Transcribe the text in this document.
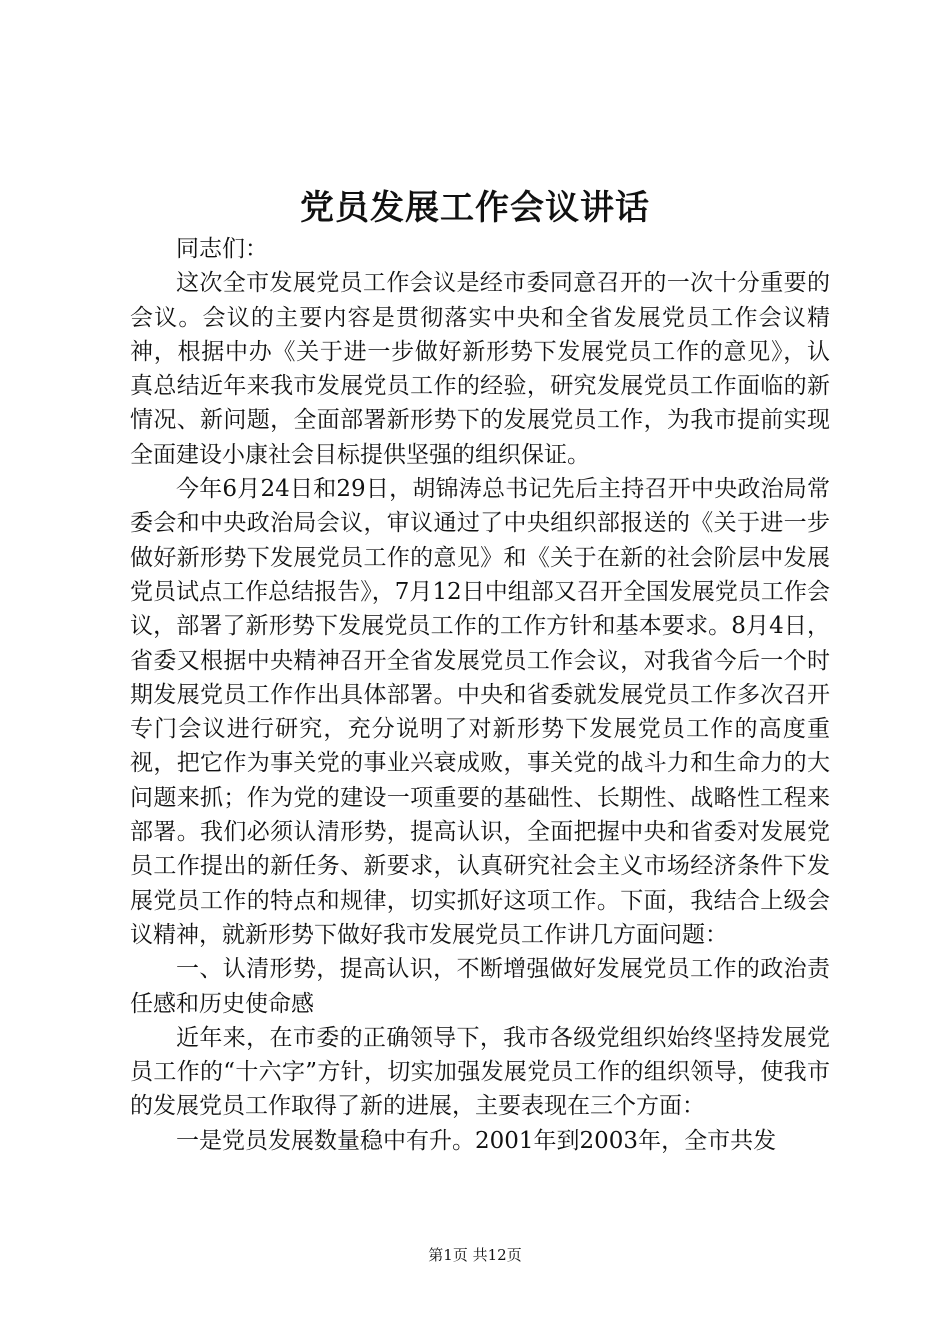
党员发展工作会议讲话

同志们：

这次全市发展党员工作会议是经市委同意召开的一次十分重要的会议。会议的主要内容是贯彻落实中央和全省发展党员工作会议精神，根据中办《关于进一步做好新形势下发展党员工作的意见》，认真总结近年来我市发展党员工作的经验，研究发展党员工作面临的新情况、新问题，全面部署新形势下的发展党员工作，为我市提前实现全面建设小康社会目标提供坚强的组织保证。

今年6月24日和29日，胡锦涛总书记先后主持召开中央政治局常委会和中央政治局会议，审议通过了中央组织部报送的《关于进一步做好新形势下发展党员工作的意见》和《关于在新的社会阶层中发展党员试点工作总结报告》，7月12日中组部又召开全国发展党员工作会议，部署了新形势下发展党员工作的工作方针和基本要求。8月4日，省委又根据中央精神召开全省发展党员工作会议，对我省今后一个时期发展党员工作作出具体部署。中央和省委就发展党员工作多次召开专门会议进行研究，充分说明了对新形势下发展党员工作的高度重视，把它作为事关党的事业兴衰成败，事关党的战斗力和生命力的大问题来抓；作为党的建设一项重要的基础性、长期性、战略性工程来部署。我们必须认清形势，提高认识，全面把握中央和省委对发展党员工作提出的新任务、新要求，认真研究社会主义市场经济条件下发展党员工作的特点和规律，切实抓好这项工作。下面，我结合上级会议精神，就新形势下做好我市发展党员工作讲几方面问题：

一、认清形势，提高认识，不断增强做好发展党员工作的政治责任感和历史使命感

近年来，在市委的正确领导下，我市各级党组织始终坚持发展党员工作的“十六字”方针，切实加强发展党员工作的组织领导，使我市的发展党员工作取得了新的进展，主要表现在三个方面：

一是党员发展数量稳中有升。2001年到2003年，全市共发

第1页 共12页
